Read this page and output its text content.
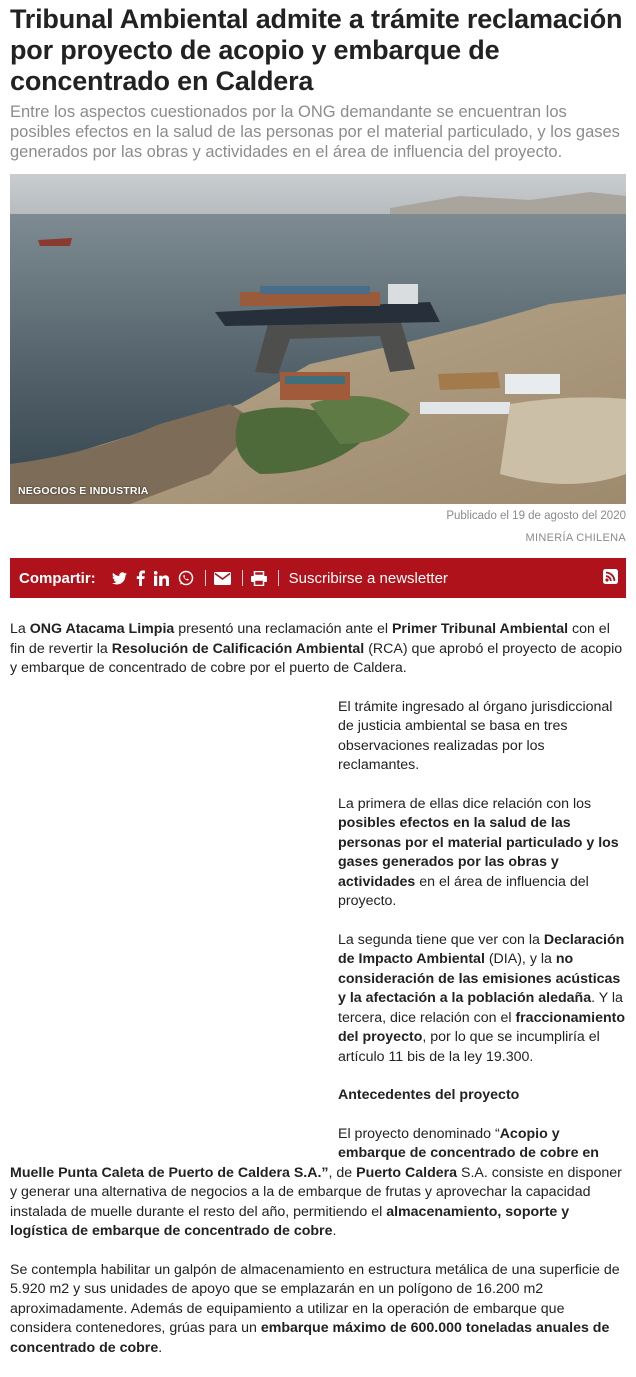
Tribunal Ambiental admite a trámite reclamación por proyecto de acopio y embarque de concentrado en Caldera

Entre los aspectos cuestionados por la ONG demandante se encuentran los posibles efectos en la salud de las personas por el material particulado, y los gases generados por las obras y actividades en el área de influencia del proyecto.

NEGOCIOS E INDUSTRIA
Publicado el 19 de agosto del 2020
MINERÍA CHILENA
Compartir:	Suscribirse a newsletter

La ONG Atacama Limpia presentó una reclamación ante el Primer Tribunal Ambiental con el fin de revertir la Resolución de Calificación Ambiental (RCA) que aprobó el proyecto de acopio y embarque de concentrado de cobre por el puerto de Caldera.

El trámite ingresado al órgano jurisdiccional de justicia ambiental se basa en tres observaciones realizadas por los reclamantes.

La primera de ellas dice relación con los posibles efectos en la salud de las personas por el material particulado y los gases generados por las obras y actividades en el área de influencia del proyecto.

La segunda tiene que ver con la Declaración de Impacto Ambiental (DIA), y la no consideración de las emisiones acústicas y la afectación a la población aledaña. Y la tercera, dice relación con el fraccionamiento del proyecto, por lo que se incumpliría el artículo 11 bis de la ley 19.300.

Antecedentes del proyecto

El proyecto denominado “Acopio y embarque de concentrado de cobre en Muelle Punta Caleta de Puerto de Caldera S.A.”, de Puerto Caldera S.A. consiste en disponer y generar una alternativa de negocios a la de embarque de frutas y aprovechar la capacidad instalada de muelle durante el resto del año, permitiendo el almacenamiento, soporte y logística de embarque de concentrado de cobre.

Se contempla habilitar un galpón de almacenamiento en estructura metálica de una superficie de 5.920 m2 y sus unidades de apoyo que se emplazarán en un polígono de 16.200 m2 aproximadamente. Además de equipamiento a utilizar en la operación de embarque que considera contenedores, grúas para un embarque máximo de 600.000 toneladas anuales de concentrado de cobre.
